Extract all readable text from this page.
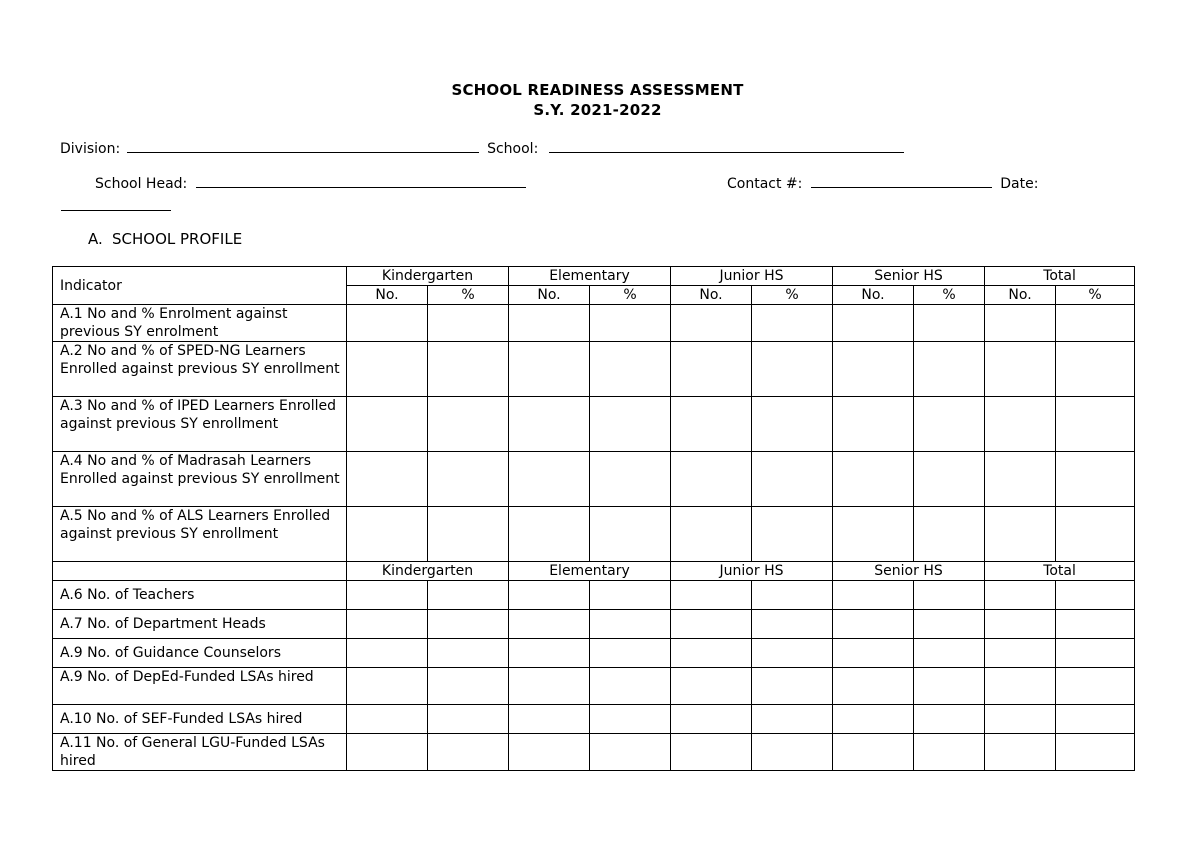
SCHOOL READINESS ASSESSMENT
S.Y. 2021-2022
Division:	School:
School Head:	Contact #:	Date:
A. SCHOOL PROFILE
Indicator	Kindergarten		Elementary		Junior HS		Senior HS		Total	
	No.	%	No.	%	No.	%	No.	%	No.	%
A.1 No and % Enrolment against previous SY enrolment										
A.2 No and % of SPED-NG Learners Enrolled against previous SY enrollment										
A.3 No and % of IPED Learners Enrolled against previous SY enrollment										
A.4 No and % of Madrasah Learners Enrolled against previous SY enrollment										
A.5 No and % of ALS Learners Enrolled against previous SY enrollment										
	Kindergarten		Elementary		Junior HS		Senior HS		Total	
A.6 No. of Teachers										
A.7 No. of Department Heads										
A.9 No. of Guidance Counselors										
A.9 No. of DepEd-Funded LSAs hired										
A.10 No. of SEF-Funded LSAs hired										
A.11 No. of General LGU-Funded LSAs hired										
